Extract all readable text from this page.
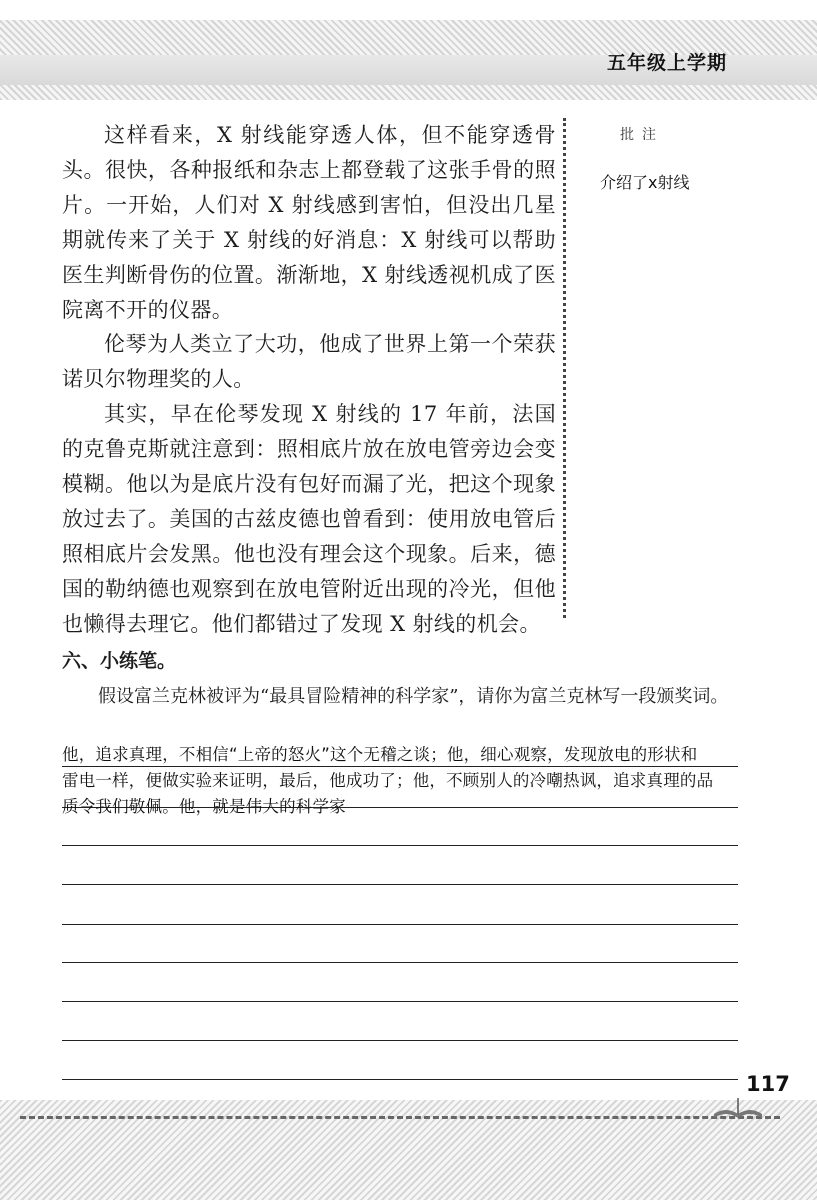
五年级上学期

这样看来，X 射线能穿透人体，但不能穿透骨头。很快，各种报纸和杂志上都登载了这张手骨的照片。一开始，人们对 X 射线感到害怕，但没出几星期就传来了关于 X 射线的好消息：X 射线可以帮助医生判断骨伤的位置。渐渐地，X 射线透视机成了医院离不开的仪器。

伦琴为人类立了大功，他成了世界上第一个荣获诺贝尔物理奖的人。

其实，早在伦琴发现 X 射线的 17 年前，法国的克鲁克斯就注意到：照相底片放在放电管旁边会变模糊。他以为是底片没有包好而漏了光，把这个现象放过去了。美国的古兹皮德也曾看到：使用放电管后照相底片会发黑。他也没有理会这个现象。后来，德国的勒纳德也观察到在放电管附近出现的冷光，但他也懒得去理它。他们都错过了发现 X 射线的机会。

批注
介绍了x射线
六、小练笔。
假设富兰克林被评为“最具冒险精神的科学家”，请你为富兰克林写一段颁奖词。
他，追求真理，不相信“上帝的怒火”这个无稽之谈；他，细心观察，发现放电的形状和
雷电一样，便做实验来证明，最后，他成功了；他，不顾别人的冷嘲热讽，追求真理的品
质令我们敬佩。他，就是伟大的科学家
117
